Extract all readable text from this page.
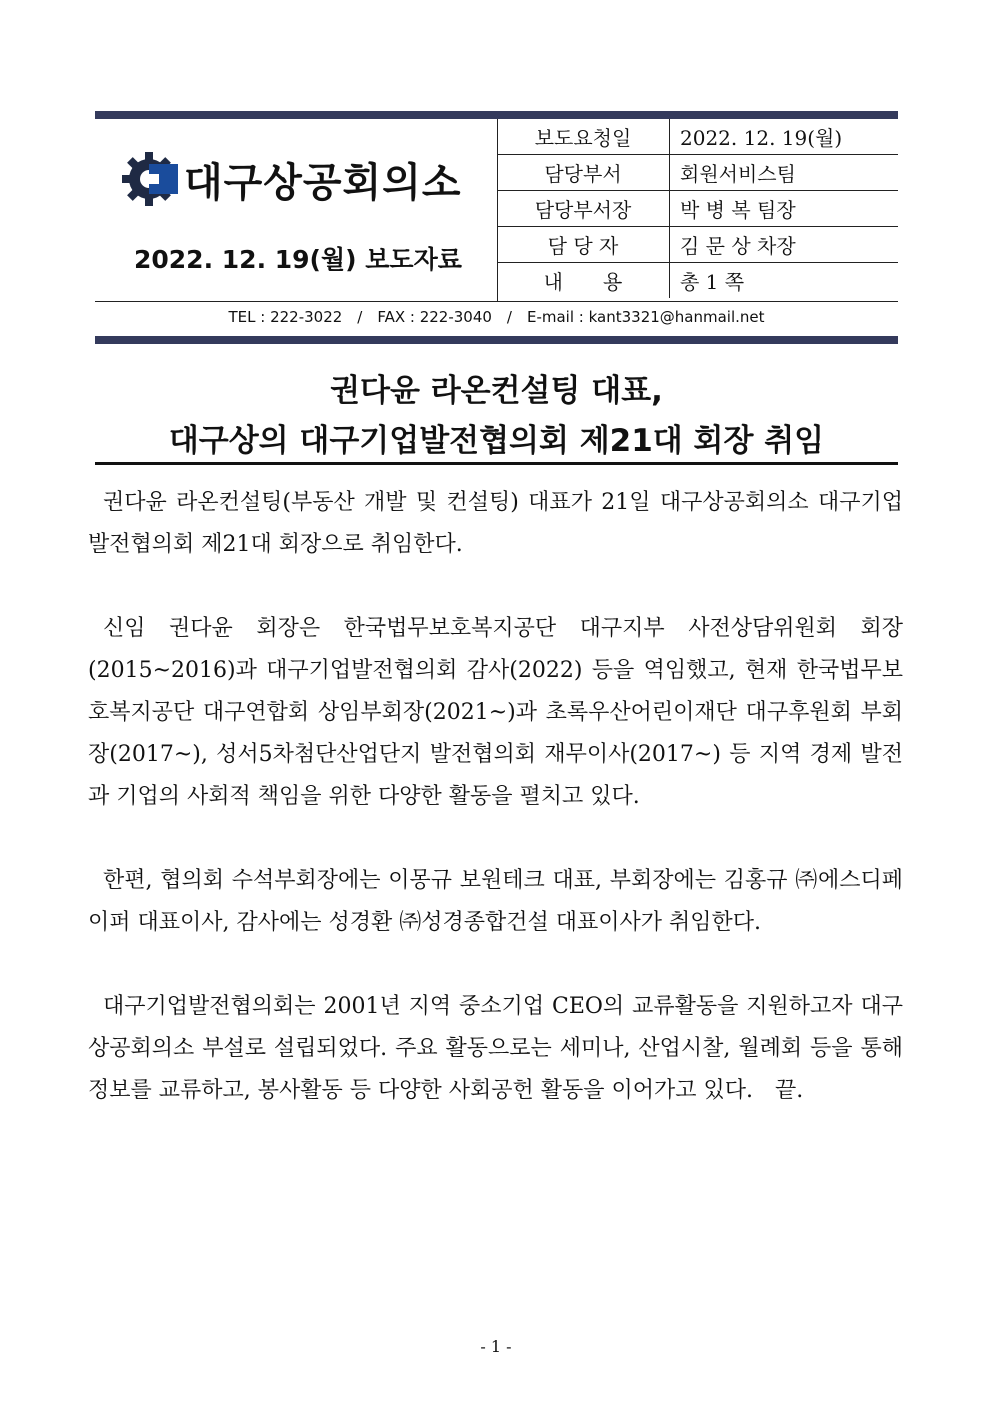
대구상공회의소
2022. 12. 19(월) 보도자료
보도요청일	2022. 12. 19(월)
담당부서	회원서비스팀
담당부서장	박 병 복 팀장
담 당 자	김 문 상 차장
내　　용	총 1 쪽
TEL : 222-3022　/　FAX : 222-3040　/　E-mail : kant3321@hanmail.net
권다윤 라온컨설팅 대표,
대구상의 대구기업발전협의회 제21대 회장 취임

권다윤 라온컨설팅(부동산 개발 및 컨설팅) 대표가 21일 대구상공회의소 대구기업발전협의회 제21대 회장으로 취임한다.

신임 권다윤 회장은 한국법무보호복지공단 대구지부 사전상담위원회 회장(2015~2016)과 대구기업발전협의회 감사(2022) 등을 역임했고, 현재 한국법무보호복지공단 대구연합회 상임부회장(2021~)과 초록우산어린이재단 대구후원회 부회장(2017~), 성서5차첨단산업단지 발전협의회 재무이사(2017~) 등 지역 경제 발전과 기업의 사회적 책임을 위한 다양한 활동을 펼치고 있다.

한편, 협의회 수석부회장에는 이몽규 보원테크 대표, 부회장에는 김홍규 ㈜에스디페이퍼 대표이사, 감사에는 성경환 ㈜성경종합건설 대표이사가 취임한다.

대구기업발전협의회는 2001년 지역 중소기업 CEO의 교류활동을 지원하고자 대구상공회의소 부설로 설립되었다. 주요 활동으로는 세미나, 산업시찰, 월례회 등을 통해 정보를 교류하고, 봉사활동 등 다양한 사회공헌 활동을 이어가고 있다.　끝.

- 1 -
